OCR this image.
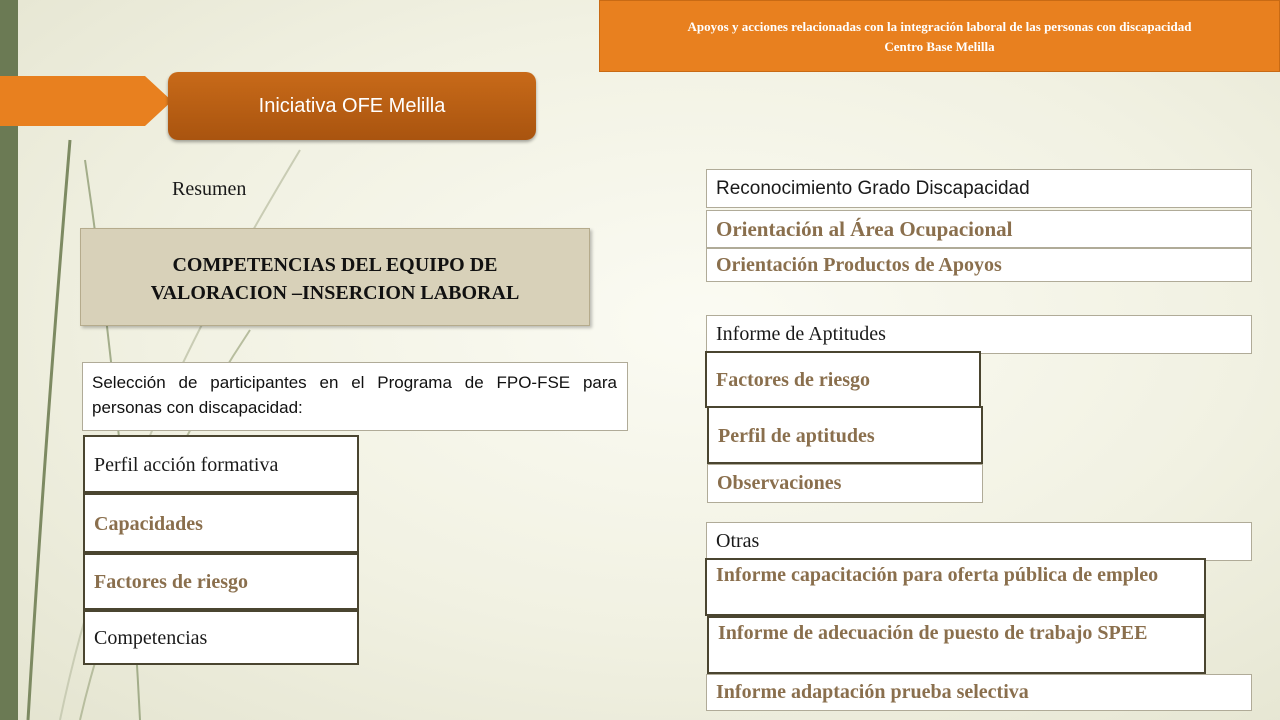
Apoyos y acciones relacionadas con la integración laboral de las personas con discapacidad
Centro Base Melilla
Iniciativa OFE Melilla
Resumen
COMPETENCIAS DEL EQUIPO DE
VALORACION –INSERCION LABORAL
Selección de participantes en el Programa de FPO-FSE para personas con discapacidad:
Perfil acción formativa
Capacidades
Factores de riesgo
Competencias
Reconocimiento Grado Discapacidad
Orientación al Área Ocupacional
Orientación Productos de Apoyos
Informe de Aptitudes
Factores de riesgo
Perfil de aptitudes
Observaciones
Otras
Informe capacitación para oferta pública de empleo
Informe de adecuación de puesto de trabajo SPEE
Informe adaptación prueba selectiva
